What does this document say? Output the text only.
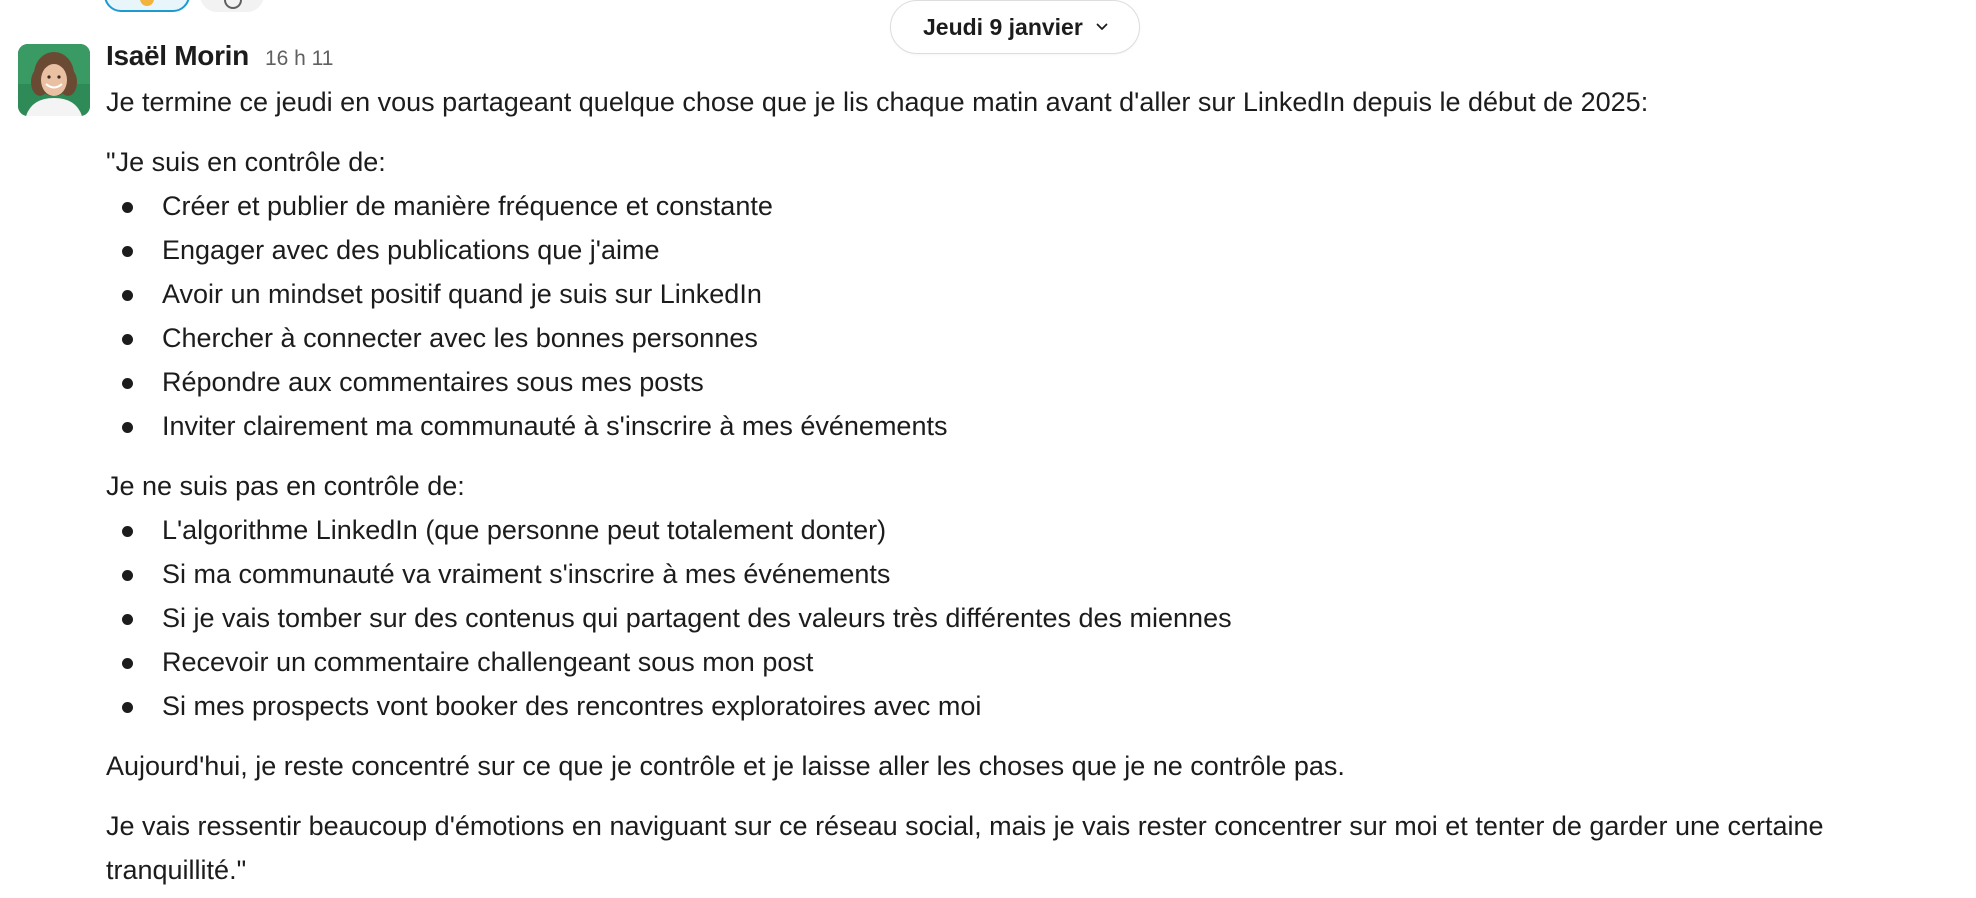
Jeudi 9 janvier
Isaël Morin 16 h 11

Je termine ce jeudi en vous partageant quelque chose que je lis chaque matin avant d'aller sur LinkedIn depuis le début de 2025:

"Je suis en contrôle de:

Créer et publier de manière fréquence et constante
Engager avec des publications que j'aime
Avoir un mindset positif quand je suis sur LinkedIn
Chercher à connecter avec les bonnes personnes
Répondre aux commentaires sous mes posts
Inviter clairement ma communauté à s'inscrire à mes événements

Je ne suis pas en contrôle de:

L'algorithme LinkedIn (que personne peut totalement donter)
Si ma communauté va vraiment s'inscrire à mes événements
Si je vais tomber sur des contenus qui partagent des valeurs très différentes des miennes
Recevoir un commentaire challengeant sous mon post
Si mes prospects vont booker des rencontres exploratoires avec moi

Aujourd'hui, je reste concentré sur ce que je contrôle et je laisse aller les choses que je ne contrôle pas.

Je vais ressentir beaucoup d'émotions en naviguant sur ce réseau social, mais je vais rester concentrer sur moi et tenter de garder une certaine tranquillité."
